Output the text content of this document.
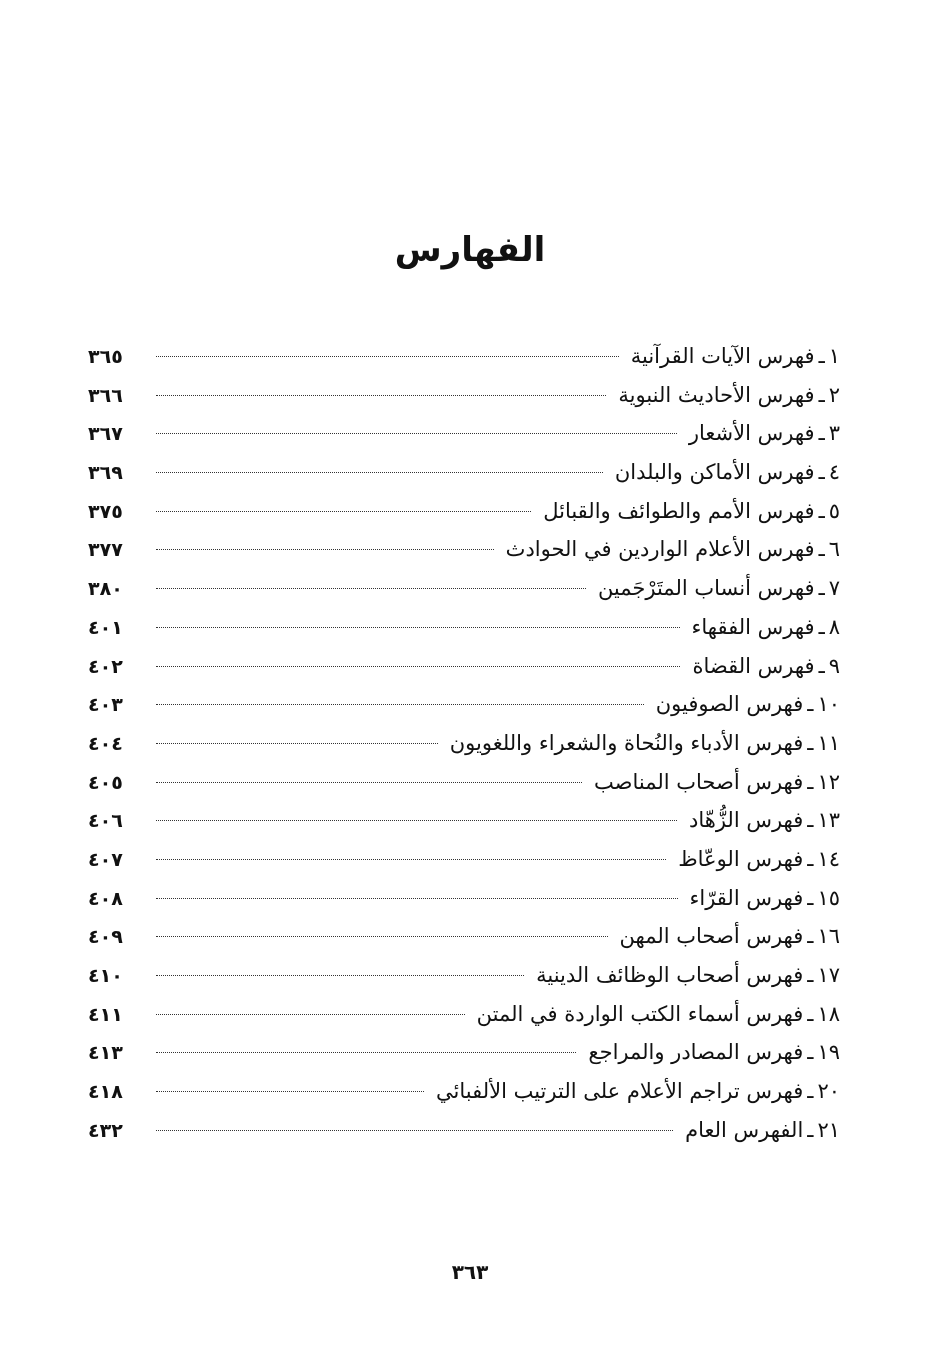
الفهارس
١
ـ
فهرس الآيات القرآنية
٣٦٥
٢
ـ
فهرس الأحاديث النبوية
٣٦٦
٣
ـ
فهرس الأشعار
٣٦٧
٤
ـ
فهرس الأماكن والبلدان
٣٦٩
٥
ـ
فهرس الأمم والطوائف والقبائل
٣٧٥
٦
ـ
فهرس الأعلام الواردين في الحوادث
٣٧٧
٧
ـ
فهرس أنساب المتَرْجَمين
٣٨٠
٨
ـ
فهرس الفقهاء
٤٠١
٩
ـ
فهرس القضاة
٤٠٢
١٠
ـ
فهرس الصوفيون
٤٠٣
١١
ـ
فهرس الأدباء والنُحاة والشعراء واللغويون
٤٠٤
١٢
ـ
فهرس أصحاب المناصب
٤٠٥
١٣
ـ
فهرس الزُّهّاد
٤٠٦
١٤
ـ
فهرس الوعّاظ
٤٠٧
١٥
ـ
فهرس القرّاء
٤٠٨
١٦
ـ
فهرس أصحاب المهن
٤٠٩
١٧
ـ
فهرس أصحاب الوظائف الدينية
٤١٠
١٨
ـ
فهرس أسماء الكتب الواردة في المتن
٤١١
١٩
ـ
فهرس المصادر والمراجع
٤١٣
٢٠
ـ
فهرس تراجم الأعلام على الترتيب الألفبائي
٤١٨
٢١
ـ
الفهرس العام
٤٣٢
٣٦٣
